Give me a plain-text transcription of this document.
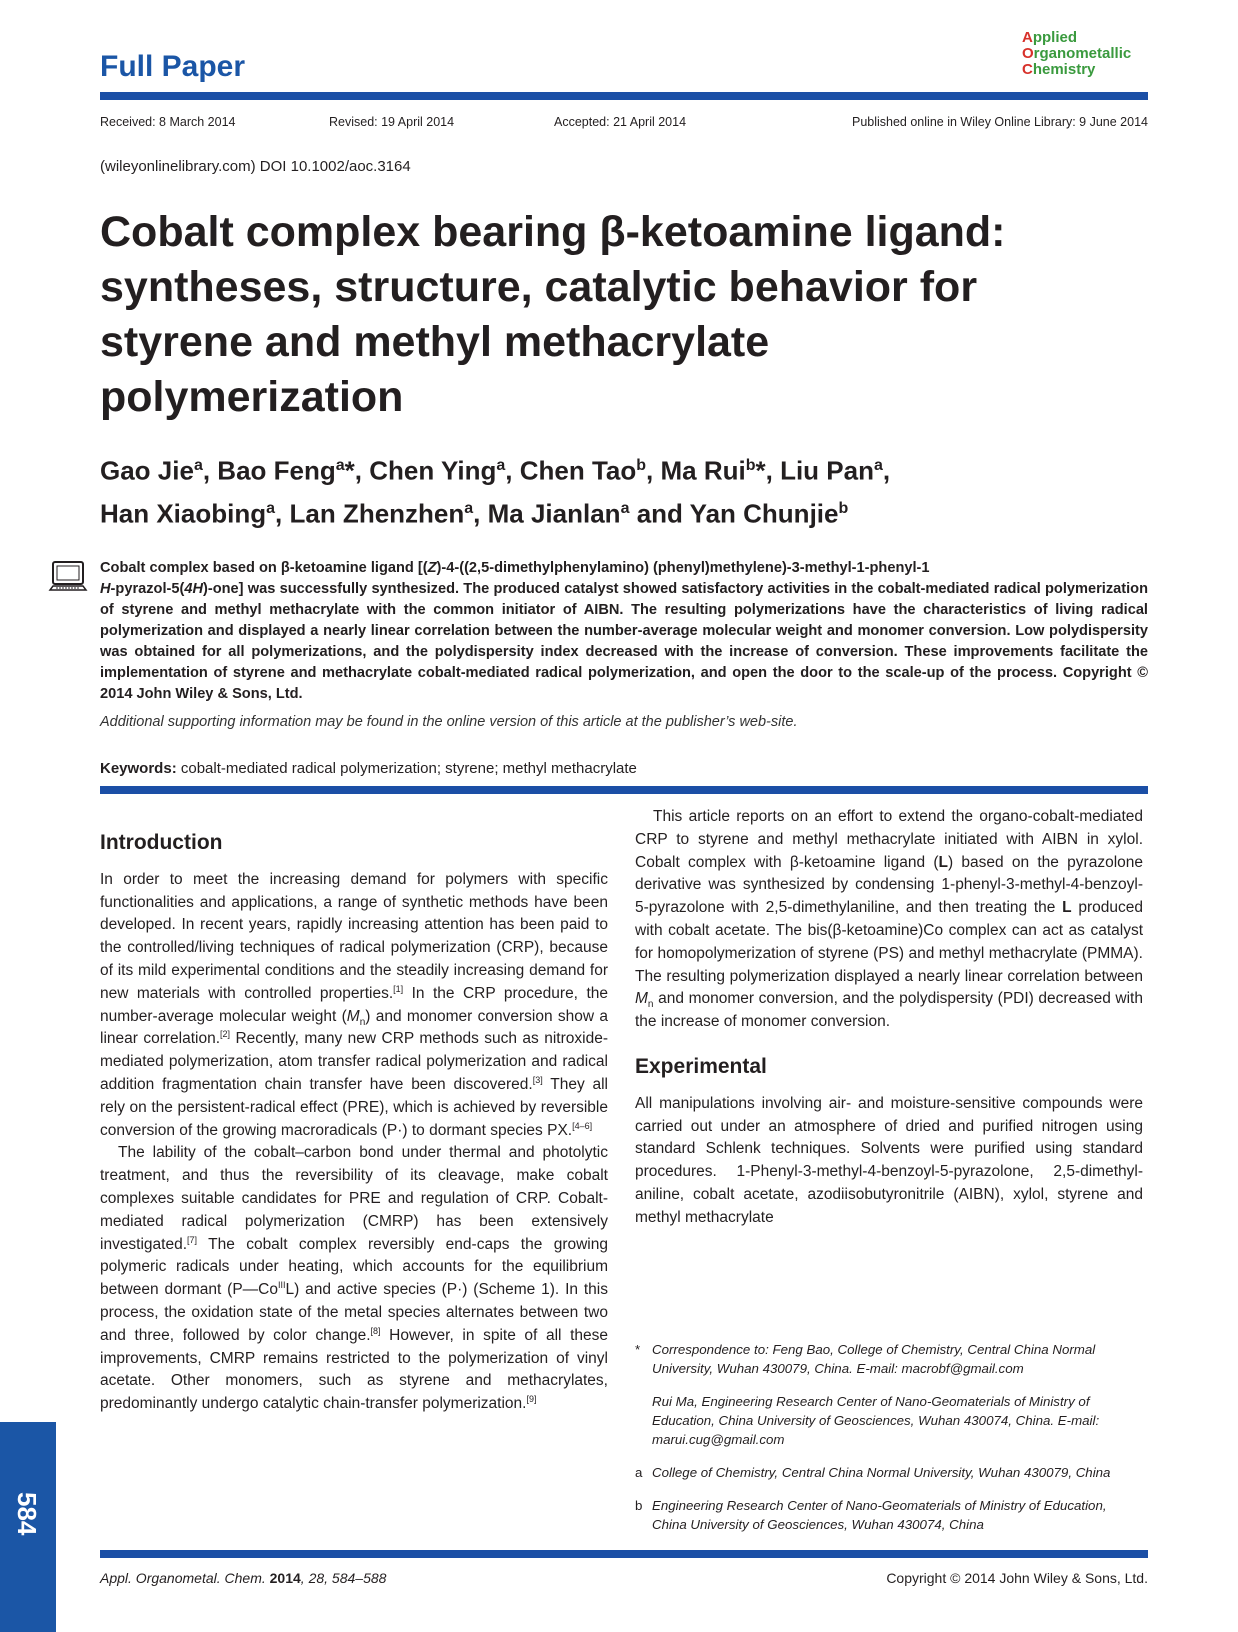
Full Paper
Applied
Organometallic
Chemistry
Received: 8 March 2014	Revised: 19 April 2014	Accepted: 21 April 2014	Published online in Wiley Online Library: 9 June 2014
(wileyonlinelibrary.com) DOI 10.1002/aoc.3164
Cobalt complex bearing β-ketoamine ligand:
syntheses, structure, catalytic behavior for
styrene and methyl methacrylate
polymerization
Gao Jie$^a$, Bao Feng$^a$*, Chen Ying$^a$, Chen Tao$^b$, Ma Rui$^b$*, Liu Pan$^a$,
Han Xiaobing$^a$, Lan Zhenzhen$^a$, Ma Jianlan$^a$ and Yan Chunjie$^b$
Cobalt complex based on β-ketoamine ligand [(Z)-4-((2,5-dimethylphenylamino) (phenyl)methylene)-3-methyl-1-phenyl-1
H-pyrazol-5(4H)-one] was successfully synthesized. The produced catalyst showed satisfactory activities in the cobalt-mediated radical polymerization of styrene and methyl methacrylate with the common initiator of AIBN. The resulting polymerizations have the characteristics of living radical polymerization and displayed a nearly linear correlation between the number-average molecular weight and monomer conversion. Low polydispersity was obtained for all polymerizations, and the polydispersity index decreased with the increase of conversion. These improvements facilitate the implementation of styrene and methacrylate cobalt-mediated radical polymerization, and open the door to the scale-up of the process. Copyright © 2014 John Wiley & Sons, Ltd.
Additional supporting information may be found in the online version of this article at the publisher’s web-site.
Keywords: cobalt-mediated radical polymerization; styrene; methyl methacrylate
Introduction

In order to meet the increasing demand for polymers with specific functionalities and applications, a range of synthetic methods have been developed. In recent years, rapidly increasing attention has been paid to the controlled/living techniques of radical polymerization (CRP), because of its mild experimental conditions and the steadily increasing demand for new materials with controlled properties.[1] In the CRP procedure, the number-average molecular weight $(M_n)$ and monomer conversion show a linear correlation.[2] Recently, many new CRP methods such as nitroxide-mediated polymerization, atom transfer radical polymerization and radical addition fragmentation chain transfer have been discovered.[3] They all rely on the persistent-radical effect (PRE), which is achieved by reversible conversion of the growing macroradicals (P·) to dormant species PX.[4–6]

The lability of the cobalt–carbon bond under thermal and photolytic treatment, and thus the reversibility of its cleavage, make cobalt complexes suitable candidates for PRE and regulation of CRP. Cobalt-mediated radical polymerization (CMRP) has been extensively investigated.[7] The cobalt complex reversibly end-caps the growing polymeric radicals under heating, which accounts for the equilibrium between dormant $(P—Co^{III}L)$ and active species (P·) (Scheme 1). In this process, the oxidation state of the metal species alternates between two and three, followed by color change.[8] However, in spite of all these improvements, CMRP remains restricted to the polymerization of vinyl acetate. Other monomers, such as styrene and methacrylates, predominantly undergo catalytic chain-transfer polymerization.[9]

This article reports on an effort to extend the organo-cobalt-mediated CRP to styrene and methyl methacrylate initiated with AIBN in xylol. Cobalt complex with β-ketoamine ligand (L) based on the pyrazolone derivative was synthesized by condensing 1-phenyl-3-methyl-4-benzoyl-5-pyrazolone with 2,5-dimethylaniline, and then treating the L produced with cobalt acetate. The bis(β-ketoamine)Co complex can act as catalyst for homopolymerization of styrene (PS) and methyl methacrylate (PMMA). The resulting polymerization displayed a nearly linear correlation between $M_n$ and monomer conversion, and the polydispersity (PDI) decreased with the increase of monomer conversion.

Experimental

All manipulations involving air- and moisture-sensitive compounds were carried out under an atmosphere of dried and purified nitrogen using standard Schlenk techniques. Solvents were purified using standard procedures. 1-Phenyl-3-methyl-4-benzoyl-5-pyrazolone, 2,5-dimethyl-aniline, cobalt acetate, azodiisobutyronitrile (AIBN), xylol, styrene and methyl methacrylate

* Correspondence to: Feng Bao, College of Chemistry, Central China Normal University, Wuhan 430079, China. E-mail: macrobf@gmail.com
Rui Ma, Engineering Research Center of Nano-Geomaterials of Ministry of Education, China University of Geosciences, Wuhan 430074, China. E-mail: marui.cug@gmail.com
a College of Chemistry, Central China Normal University, Wuhan 430079, China
b Engineering Research Center of Nano-Geomaterials of Ministry of Education, China University of Geosciences, Wuhan 430074, China
584
Appl. Organometal. Chem. 2014, 28, 584–588	Copyright © 2014 John Wiley & Sons, Ltd.
